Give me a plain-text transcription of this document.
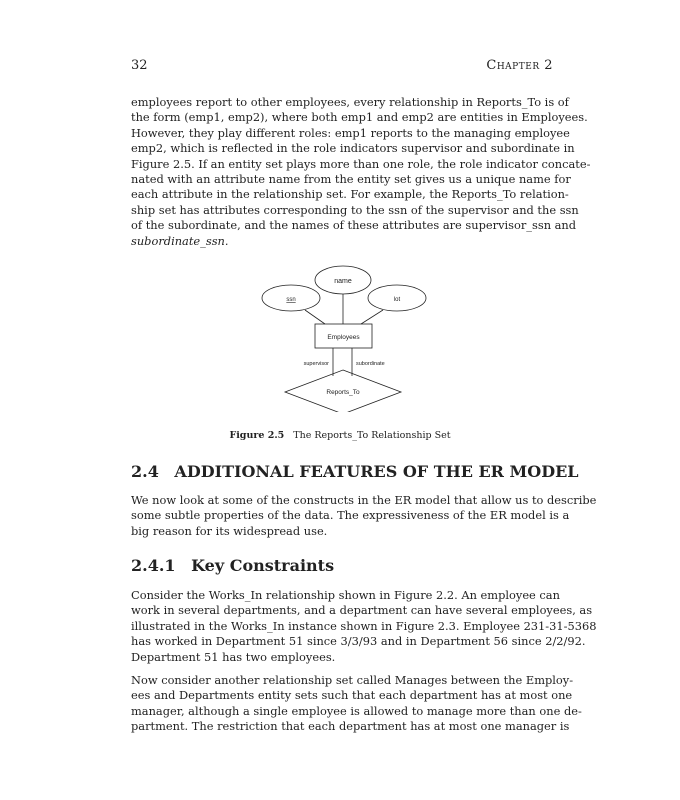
32	Chapter 2
employees report to other employees, every relationship in Reports_To is of
the form (emp1, emp2), where both emp1 and emp2 are entities in Employees.
However, they play different roles: emp1 reports to the managing employee
emp2, which is reflected in the role indicators supervisor and subordinate in
Figure 2.5. If an entity set plays more than one role, the role indicator concate-
nated with an attribute name from the entity set gives us a unique name for
each attribute in the relationship set. For example, the Reports_To relation-
ship set has attributes corresponding to the ssn of the supervisor and the ssn
of the subordinate, and the names of these attributes are supervisor_ssn and
subordinate_ssn.
name
ssn	lot
Employees
supervisor	subordinate
Reports_To
Figure 2.5 The Reports_To Relationship Set
2.4 ADDITIONAL FEATURES OF THE ER MODEL
We now look at some of the constructs in the ER model that allow us to describe
some subtle properties of the data. The expressiveness of the ER model is a
big reason for its widespread use.
2.4.1 Key Constraints
Consider the Works_In relationship shown in Figure 2.2. An employee can
work in several departments, and a department can have several employees, as
illustrated in the Works_In instance shown in Figure 2.3. Employee 231-31-5368
has worked in Department 51 since 3/3/93 and in Department 56 since 2/2/92.
Department 51 has two employees.
Now consider another relationship set called Manages between the Employ-
ees and Departments entity sets such that each department has at most one
manager, although a single employee is allowed to manage more than one de-
partment. The restriction that each department has at most one manager is
